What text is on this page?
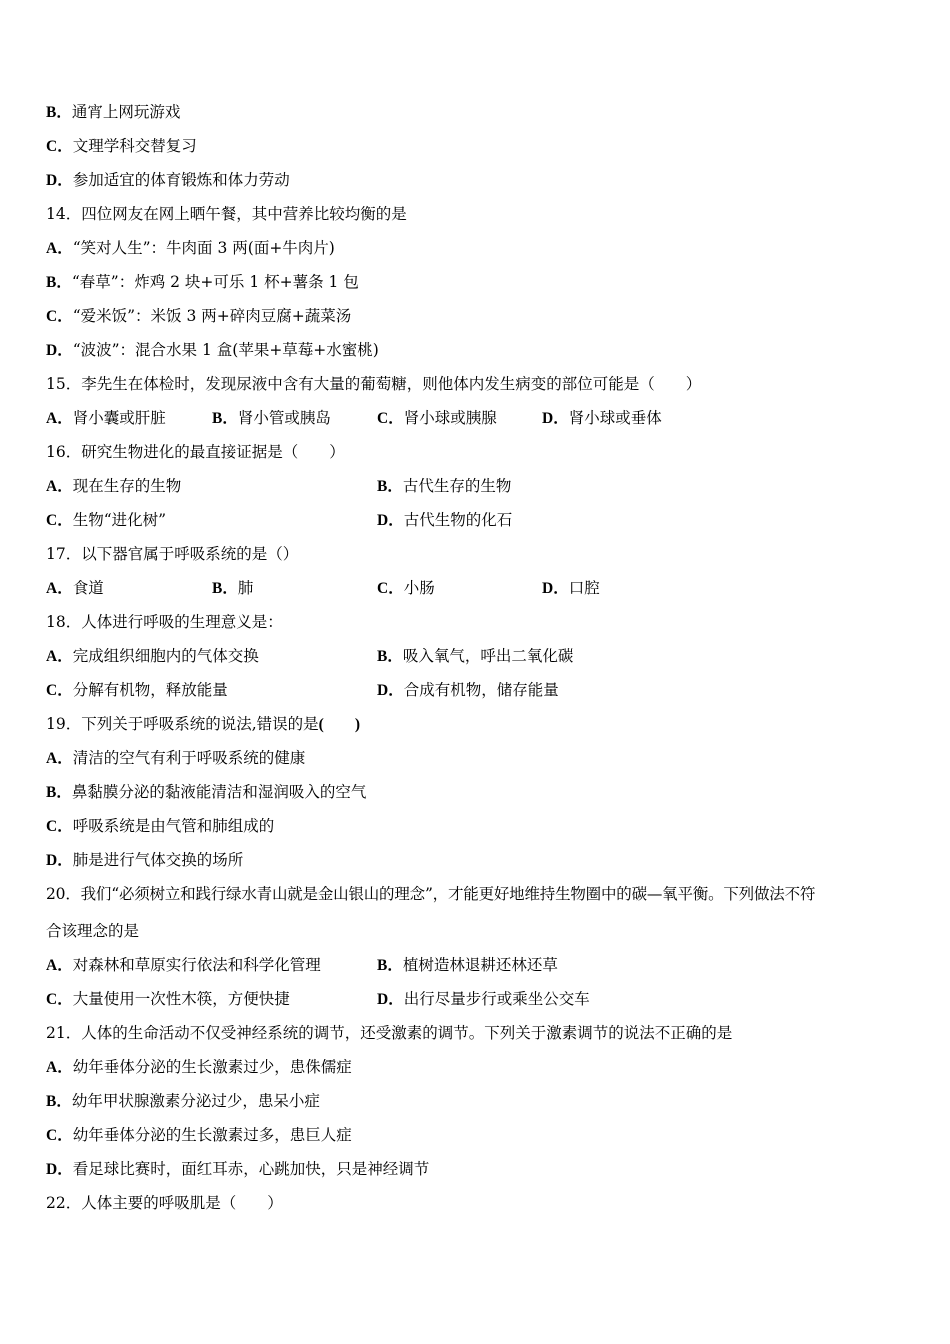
B．通宵上网玩游戏
C．文理学科交替复习
D．参加适宜的体育锻炼和体力劳动
14．四位网友在网上晒午餐，其中营养比较均衡的是
A．“笑对人生”：牛肉面 3 两(面+牛肉片)
B．“春草”：炸鸡 2 块+可乐 1 杯+薯条 1 包
C．“爱米饭”：米饭 3 两+碎肉豆腐+蔬菜汤
D．“波波”：混合水果 1 盒(苹果+草莓+水蜜桃)
15．李先生在体检时，发现尿液中含有大量的葡萄糖，则他体内发生病变的部位可能是（　　）
A．肾小囊或肝脏	B．肾小管或胰岛	C．肾小球或胰腺	D．肾小球或垂体
16．研究生物进化的最直接证据是（　　）
A．现在生存的生物	B．古代生存的生物
C．生物“进化树”	D．古代生物的化石
17．以下器官属于呼吸系统的是（）
A．食道	B．肺	C．小肠	D．口腔
18．人体进行呼吸的生理意义是：
A．完成组织细胞内的气体交换	B．吸入氧气，呼出二氧化碳
C．分解有机物，释放能量	D．合成有机物，储存能量
19．下列关于呼吸系统的说法,错误的是(　　)
A．清洁的空气有利于呼吸系统的健康
B．鼻黏膜分泌的黏液能清洁和湿润吸入的空气
C．呼吸系统是由气管和肺组成的
D．肺是进行气体交换的场所
20．我们“必须树立和践行绿水青山就是金山银山的理念”，才能更好地维持生物圈中的碳—氧平衡。下列做法不符
合该理念的是
A．对森林和草原实行依法和科学化管理	B．植树造林退耕还林还草
C．大量使用一次性木筷，方便快捷	D．出行尽量步行或乘坐公交车
21．人体的生命活动不仅受神经系统的调节，还受激素的调节。下列关于激素调节的说法不正确的是
A．幼年垂体分泌的生长激素过少，患侏儒症
B．幼年甲状腺激素分泌过少，患呆小症
C．幼年垂体分泌的生长激素过多，患巨人症
D．看足球比赛时，面红耳赤，心跳加快，只是神经调节
22．人体主要的呼吸肌是（　　）
